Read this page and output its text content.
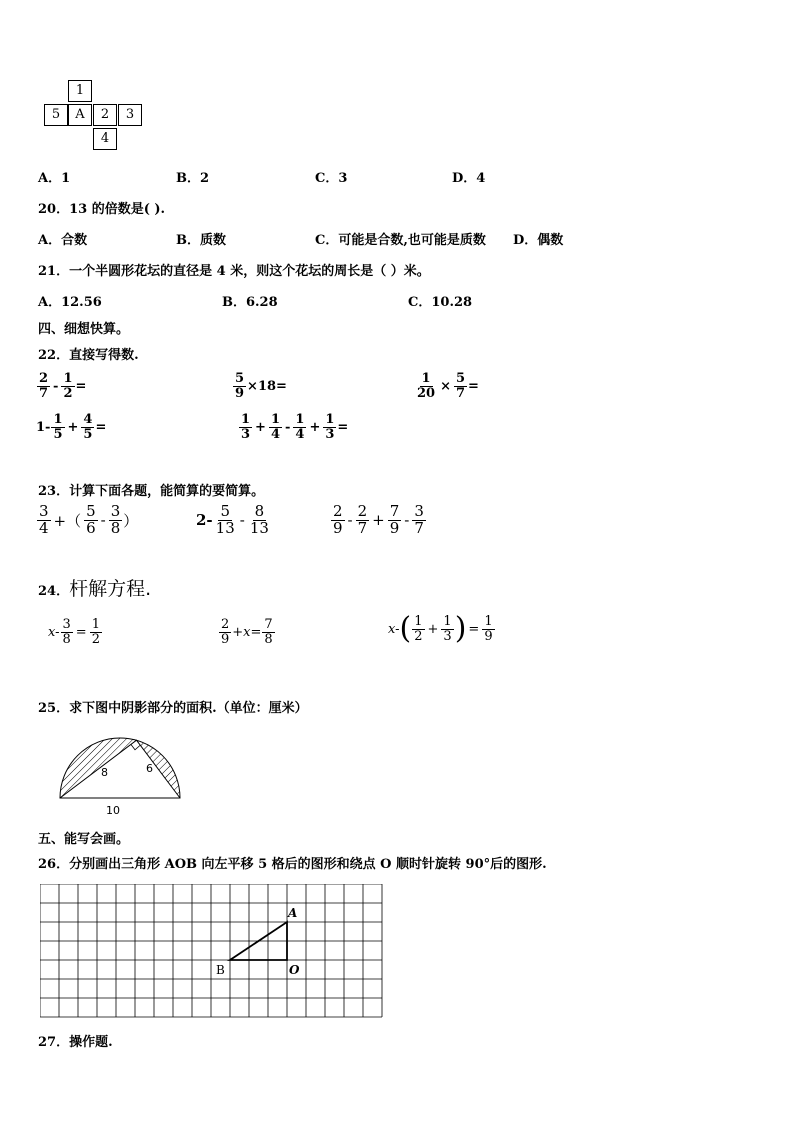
1
5	A	2	3
4
A．1	B．2	C．3	D．4
20．13 的倍数是( ).
A．合数	B．质数	C．可能是合数,也可能是质数 D．偶数
21．一个半圆形花坛的直径是 4 米，则这个花坛的周长是（ ）米。
A．12.56	B．6.28	C．10.28
四、细想快算。
22．直接写得数.
$\frac{2}{7} - \frac{1}{2}$ =	$\frac{5}{9} \times 18=$	$\frac{1}{20} \times \frac{5}{7}$ =
$1- \frac{1}{5} + \frac{4}{5}$ =	$\frac{1}{3} + \frac{1}{4} - \frac{1}{4} + \frac{1}{3}$ =
23．计算下面各题，能简算的要简算。
$\frac{3}{4}$ +（ $\frac{5}{6} - \frac{3}{8}$ ）	$2- \frac{5}{13} - \frac{8}{13}$	$\frac{2}{9} - \frac{2}{7} + \frac{7}{9} - \frac{3}{7}$
24．杆解方程.
$x- \frac{3}{8} = \frac{1}{2}$	$\frac{2}{9} +x= \frac{7}{8}$	x- ( $\frac{1}{2} + \frac{1}{3}$ ) = $\frac{1}{9}$
25．求下图中阴影部分的面积.（单位：厘米）
8	6
10
五、能写会画。
26．分别画出三角形 AOB 向左平移 5 格后的图形和绕点 O 顺时针旋转 90°后的图形.
A
B	O
27．操作题.
